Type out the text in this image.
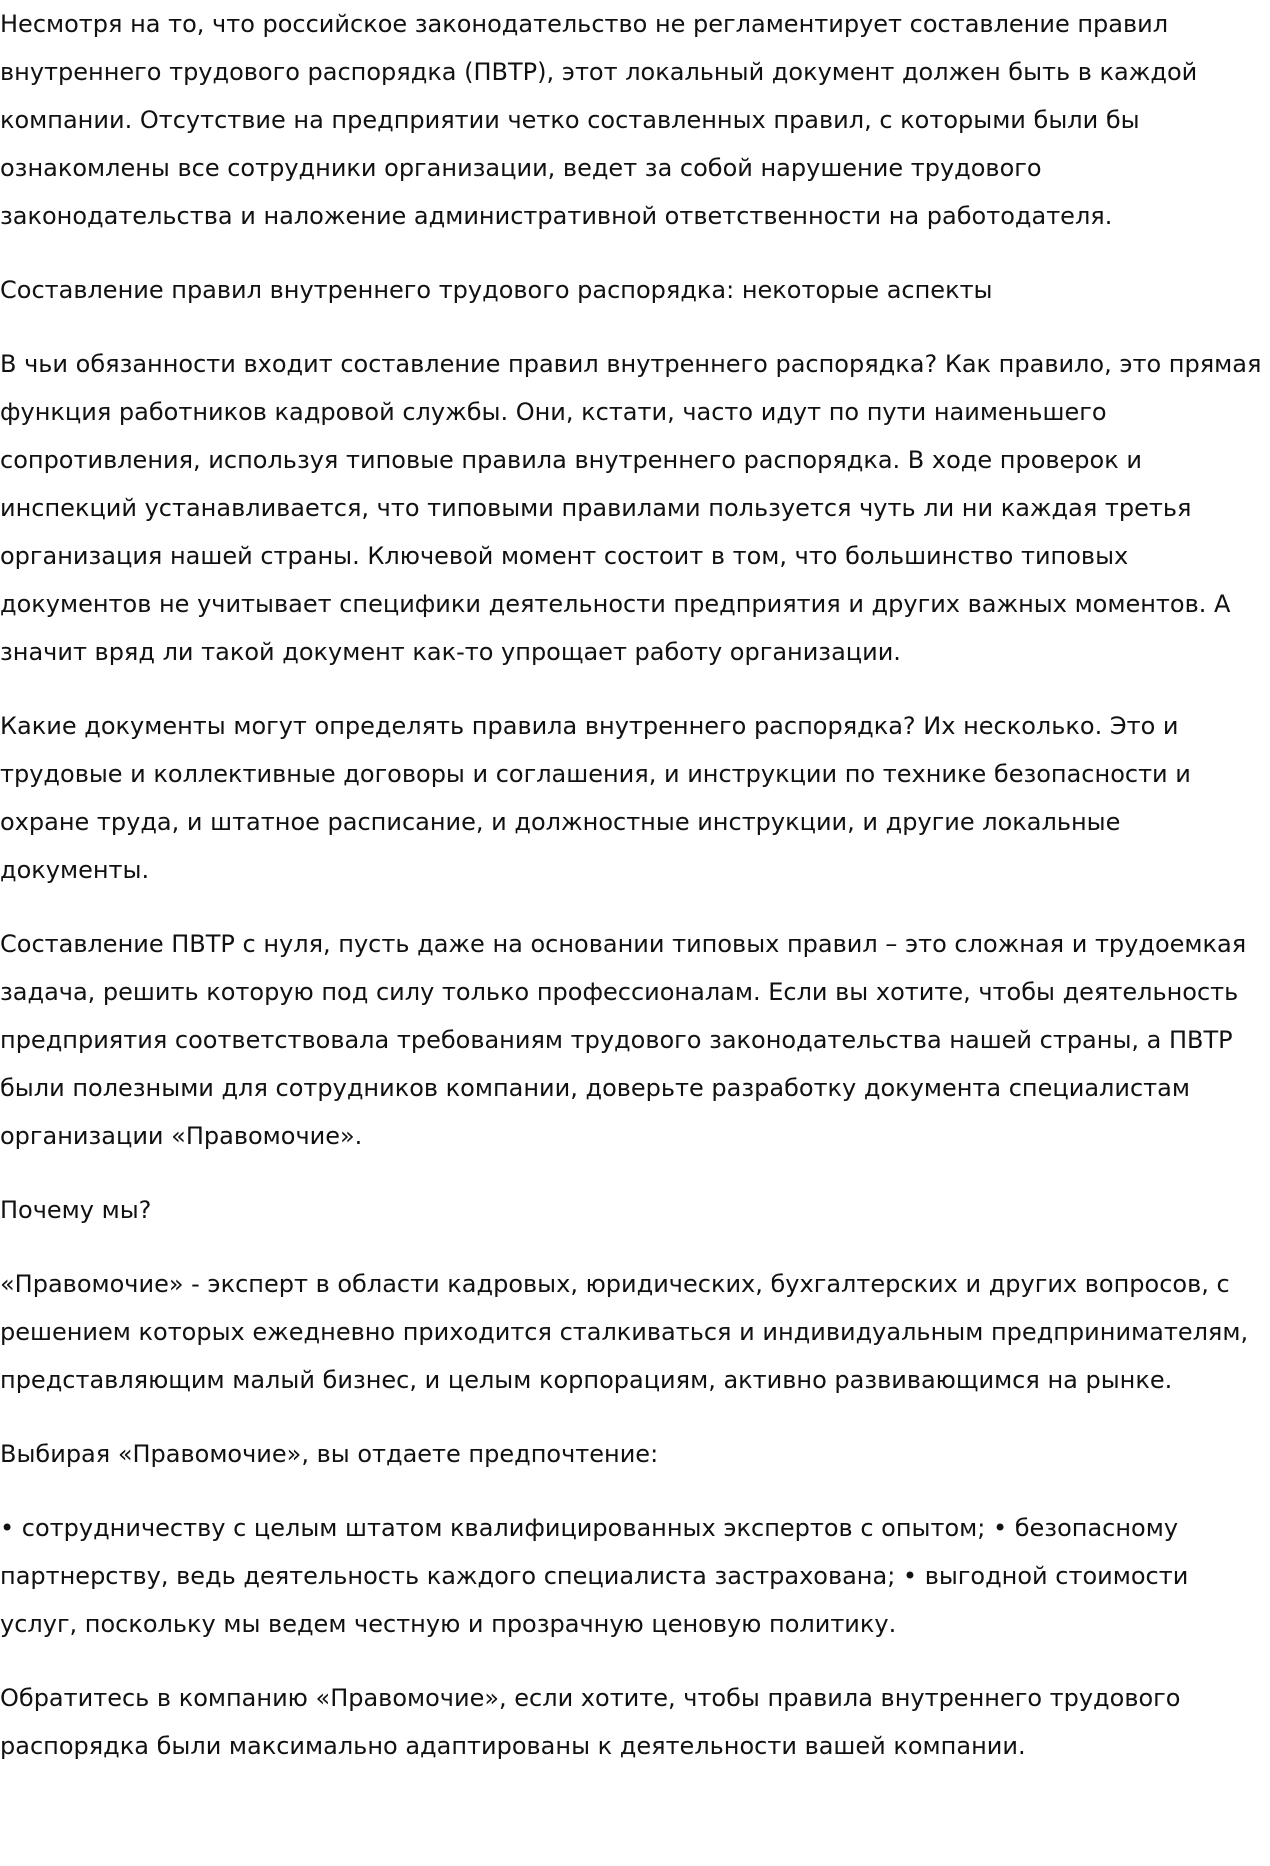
Несмотря на то, что российское законодательство не регламентирует составление правил внутреннего трудового распорядка (ПВТР), этот локальный документ должен быть в каждой компании. Отсутствие на предприятии четко составленных правил, с которыми были бы ознакомлены все сотрудники организации, ведет за собой нарушение трудового законодательства и наложение административной ответственности на работодателя.

Составление правил внутреннего трудового распорядка: некоторые аспекты

В чьи обязанности входит составление правил внутреннего распорядка? Как правило, это прямая функция работников кадровой службы. Они, кстати, часто идут по пути наименьшего сопротивления, используя типовые правила внутреннего распорядка. В ходе проверок и инспекций устанавливается, что типовыми правилами пользуется чуть ли ни каждая третья организация нашей страны. Ключевой момент состоит в том, что большинство типовых документов не учитывает специфики деятельности предприятия и других важных моментов. А значит вряд ли такой документ как-то упрощает работу организации.

Какие документы могут определять правила внутреннего распорядка? Их несколько. Это и трудовые и коллективные договоры и соглашения, и инструкции по технике безопасности и охране труда, и штатное расписание, и должностные инструкции, и другие локальные документы.

Составление ПВТР с нуля, пусть даже на основании типовых правил – это сложная и трудоемкая задача, решить которую под силу только профессионалам. Если вы хотите, чтобы деятельность предприятия соответствовала требованиям трудового законодательства нашей страны, а ПВТР были полезными для сотрудников компании, доверьте разработку документа специалистам организации «Правомочие».

Почему мы?

«Правомочие» - эксперт в области кадровых, юридических, бухгалтерских и других вопросов, с решением которых ежедневно приходится сталкиваться и индивидуальным предпринимателям, представляющим малый бизнес, и целым корпорациям, активно развивающимся на рынке.

Выбирая «Правомочие», вы отдаете предпочтение:

• сотрудничеству с целым штатом квалифицированных экспертов с опытом; • безопасному партнерству, ведь деятельность каждого специалиста застрахована; • выгодной стоимости услуг, поскольку мы ведем честную и прозрачную ценовую политику.

Обратитесь в компанию «Правомочие», если хотите, чтобы правила внутреннего трудового распорядка были максимально адаптированы к деятельности вашей компании.
